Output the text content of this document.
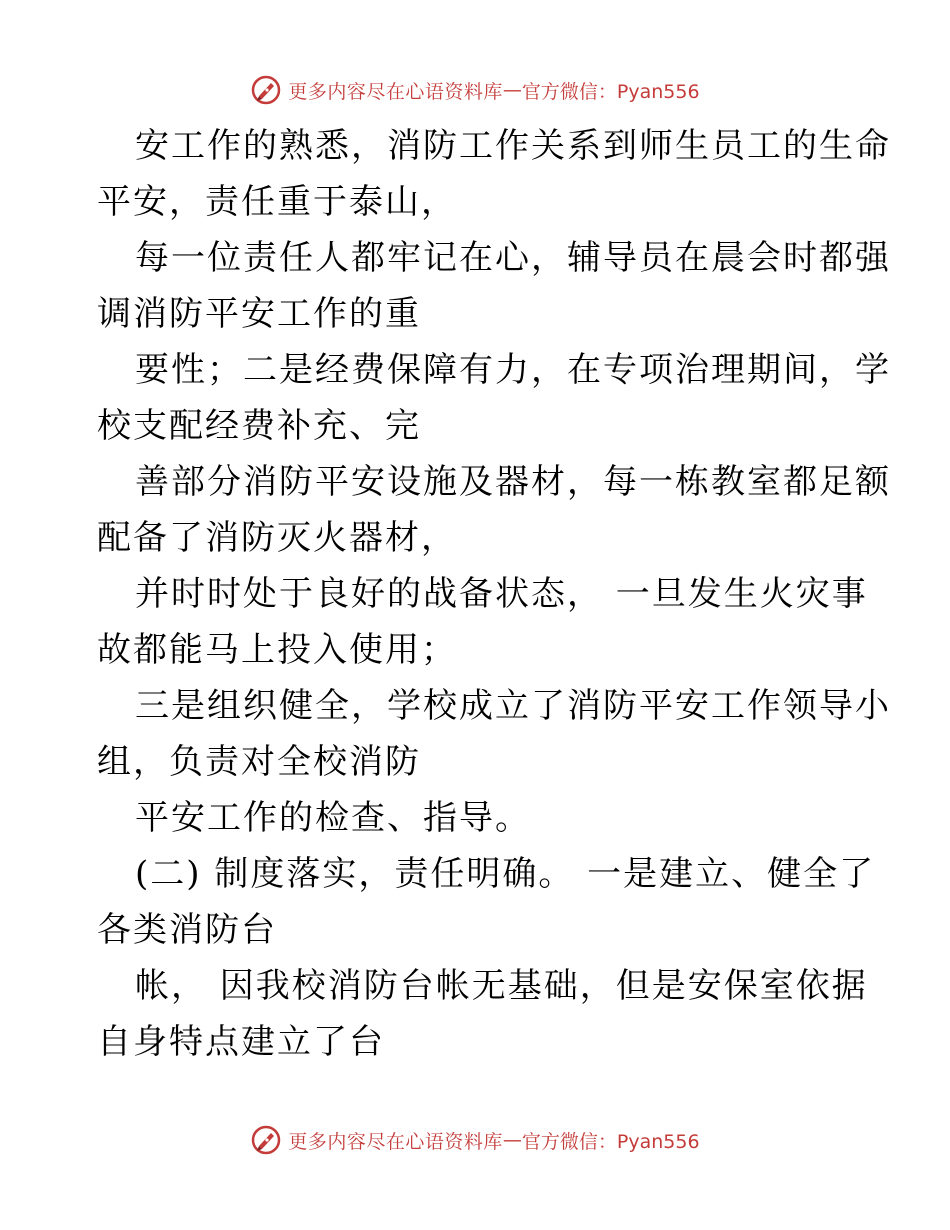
更多内容尽在心语资料库 — 官方微信：Pyan556
安工作的熟悉，消防工作关系到师生员工的生命
平安，责任重于泰山，
每一位责任人都牢记在心，辅导员在晨会时都强
调消防平安工作的重
要性；二是经费保障有力，在专项治理期间，学
校支配经费补充、完
善部分消防平安设施及器材，每一栋教室都足额
配备了消防灭火器材，
并时时处于良好的战备状态， 一旦发生火灾事
故都能马上投入使用；
三是组织健全，学校成立了消防平安工作领导小
组，负责对全校消防
平安工作的检查、指导。
(二) 制度落实，责任明确。 一是建立、健全了
各类消防台
帐， 因我校消防台帐无基础，但是安保室依据
自身特点建立了台
更多内容尽在心语资料库 — 官方微信：Pyan556
